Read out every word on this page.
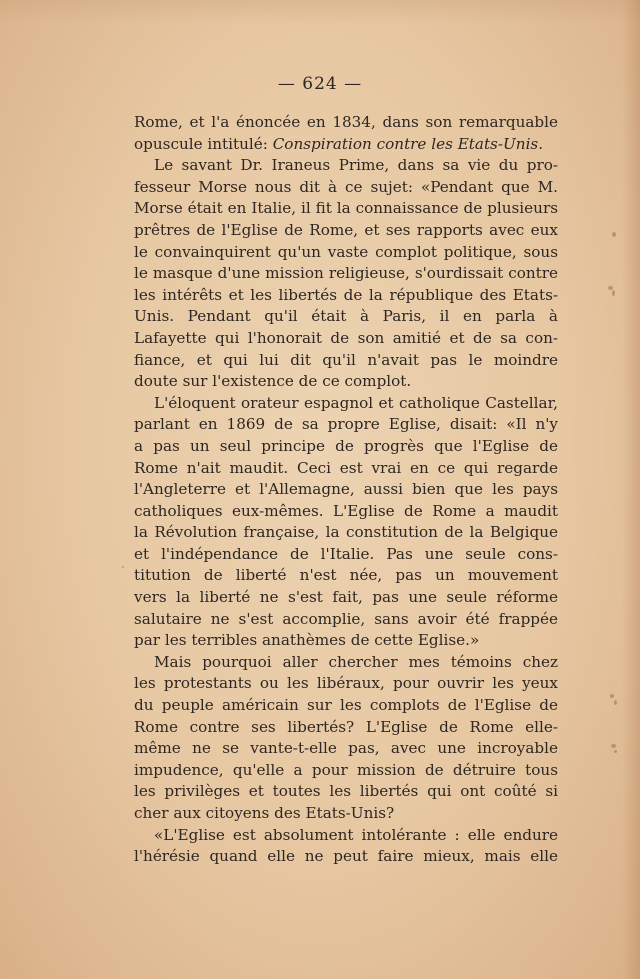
— 624 —
Rome, et l'a énoncée en 1834, dans son remarquable
opuscule intitulé: Conspiration contre les Etats-Unis.
Le savant Dr. Iraneus Prime, dans sa vie du pro-
fesseur Morse nous dit à ce sujet: «Pendant que M.
Morse était en Italie, il fit la connaissance de plusieurs
prêtres de l'Eglise de Rome, et ses rapports avec eux
le convainquirent qu'un vaste complot politique, sous
le masque d'une mission religieuse, s'ourdissait contre
les intérêts et les libertés de la république des Etats-
Unis. Pendant qu'il était à Paris, il en parla à
Lafayette qui l'honorait de son amitié et de sa con-
fiance, et qui lui dit qu'il n'avait pas le moindre
doute sur l'existence de ce complot.
L'éloquent orateur espagnol et catholique Castellar,
parlant en 1869 de sa propre Eglise, disait: «Il n'y
a pas un seul principe de progrès que l'Eglise de
Rome n'ait maudit. Ceci est vrai en ce qui regarde
l'Angleterre et l'Allemagne, aussi bien que les pays
catholiques eux-mêmes. L'Eglise de Rome a maudit
la Révolution française, la constitution de la Belgique
et l'indépendance de l'Italie. Pas une seule cons-
titution de liberté n'est née, pas un mouvement
vers la liberté ne s'est fait, pas une seule réforme
salutaire ne s'est accomplie, sans avoir été frappée
par les terribles anathèmes de cette Eglise.»
Mais pourquoi aller chercher mes témoins chez
les protestants ou les libéraux, pour ouvrir les yeux
du peuple américain sur les complots de l'Eglise de
Rome contre ses libertés? L'Eglise de Rome elle-
même ne se vante-t-elle pas, avec une incroyable
impudence, qu'elle a pour mission de détruire tous
les privilèges et toutes les libertés qui ont coûté si
cher aux citoyens des Etats-Unis?
«L'Eglise est absolument intolérante : elle endure
l'hérésie quand elle ne peut faire mieux, mais elle
